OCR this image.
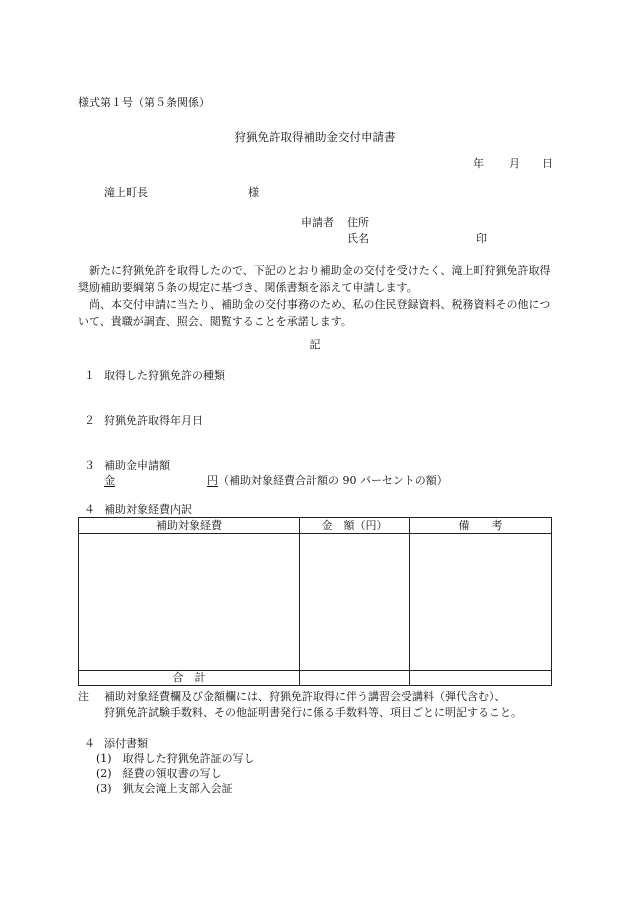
様式第１号（第５条関係）
狩猟免許取得補助金交付申請書
年 月 日
滝上町長	様
申請者 住所
氏名	印
新たに狩猟免許を取得したので、下記のとおり補助金の交付を受けたく、滝上町狩猟免許取得奨励補助要綱第５条の規定に基づき、関係書類を添えて申請します。
尚、本交付申請に当たり、補助金の交付事務のため、私の住民登録資料、税務資料その他について、貴職が調査、照会、閲覧することを承諾します。
記
１ 取得した狩猟免許の種類
２ 狩猟免許取得年月日
３ 補助金申請額
金	円 （補助対象経費合計額の 90 パーセントの額）
４ 補助対象経費内訳
補助対象経費	金　額（円）	備　　考

合　計		
注 補助対象経費欄及び金額欄には、狩猟免許取得に伴う講習会受講料（弾代含む）、
狩猟免許試験手数料、その他証明書発行に係る手数料等、項目ごとに明記すること。
４ 添付書類
(1)　取得した狩猟免許証の写し
(2)　経費の領収書の写し
(3)　猟友会滝上支部入会証
